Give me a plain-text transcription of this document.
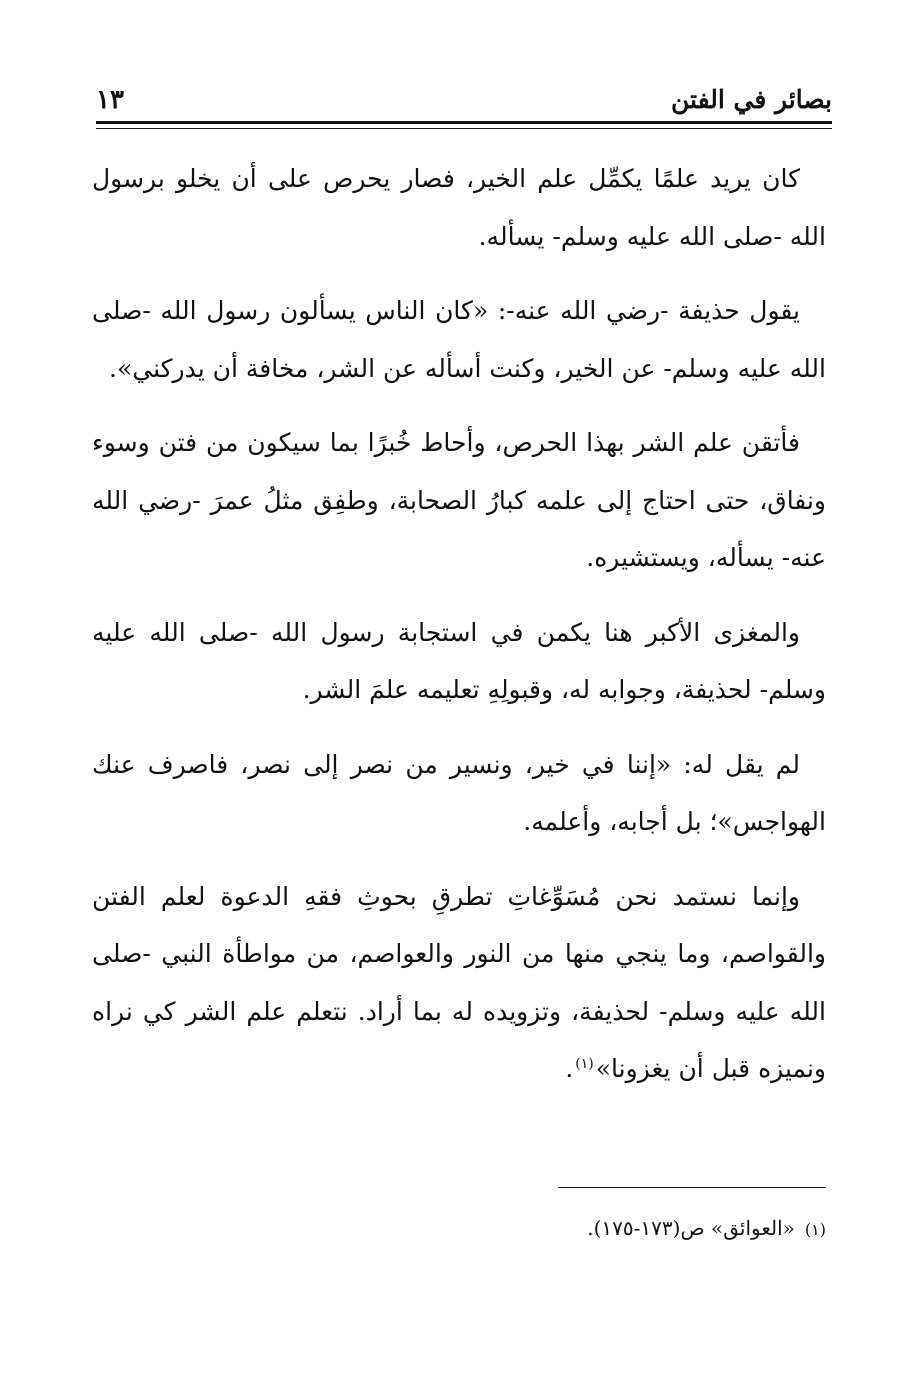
بصائر في الفتن
١٣

كان يريد علمًا يكمِّل علم الخير، فصار يحرص على أن يخلو برسول الله -صلى الله عليه وسلم- يسأله.

يقول حذيفة -رضي الله عنه-: «كان الناس يسألون رسول الله -صلى الله عليه وسلم- عن الخير، وكنت أسأله عن الشر، مخافة أن يدركني».

فأتقن علم الشر بهذا الحرص، وأحاط خُبرًا بما سيكون من فتن وسوء ونفاق، حتى احتاج إلى علمه كبارُ الصحابة، وطفِق مثلُ عمرَ -رضي الله عنه- يسأله، ويستشيره.

والمغزى الأكبر هنا يكمن في استجابة رسول الله -صلى الله عليه وسلم- لحذيفة، وجوابه له، وقبولِهِ تعليمه علمَ الشر.

لم يقل له: «إننا في خير، ونسير من نصر إلى نصر، فاصرف عنك الهواجس»؛ بل أجابه، وأعلمه.

وإنما نستمد نحن مُسَوِّغاتِ تطرقِ بحوثِ فقهِ الدعوة لعلم الفتن والقواصم، وما ينجي منها من النور والعواصم، من مواطأة النبي -صلى الله عليه وسلم- لحذيفة، وتزويده له بما أراد. نتعلم علم الشر كي نراه ونميزه قبل أن يغزونا»$^{(١)}$.

(١)«العوائق» ص(١٧٣-١٧٥).
